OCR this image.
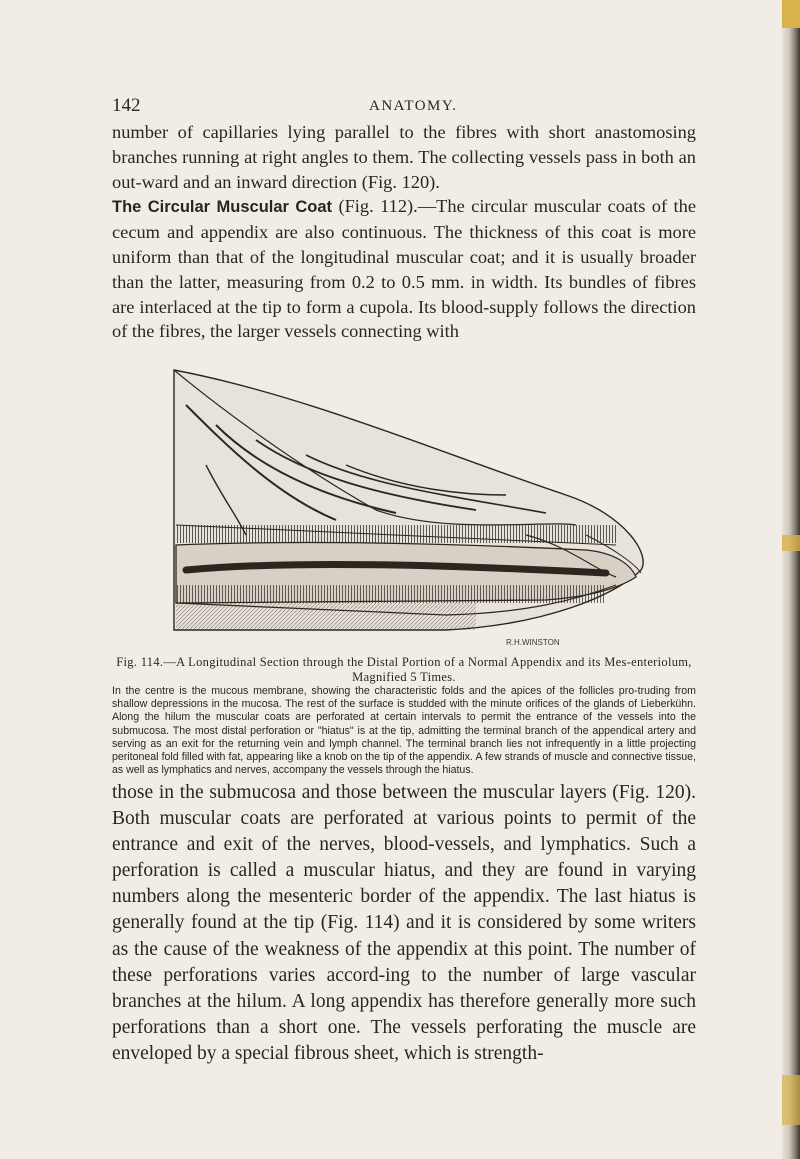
142	ANATOMY.

number of capillaries lying parallel to the fibres with short anastomosing branches running at right angles to them. The collecting vessels pass in both an out-ward and an inward direction (Fig. 120).

The Circular Muscular Coat (Fig. 112).—The circular muscular coats of the cecum and appendix are also continuous. The thickness of this coat is more uniform than that of the longitudinal muscular coat; and it is usually broader than the latter, measuring from 0.2 to 0.5 mm. in width. Its bundles of fibres are interlaced at the tip to form a cupola. Its blood-supply follows the direction of the fibres, the larger vessels connecting with

R.H.WINSTON
Fig. 114.—A Longitudinal Section through the Distal Portion of a Normal Appendix and its Mes-enteriolum, Magnified 5 Times.

In the centre is the mucous membrane, showing the characteristic folds and the apices of the follicles pro-truding from shallow depressions in the mucosa. The rest of the surface is studded with the minute orifices of the glands of Lieberkühn. Along the hilum the muscular coats are perforated at certain intervals to permit the entrance of the vessels into the submucosa. The most distal perforation or "hiatus" is at the tip, admitting the terminal branch of the appendical artery and serving as an exit for the returning vein and lymph channel. The terminal branch lies not infrequently in a little projecting peritoneal fold filled with fat, appearing like a knob on the tip of the appendix. A few strands of muscle and connective tissue, as well as lymphatics and nerves, accompany the vessels through the hiatus.

those in the submucosa and those between the muscular layers (Fig. 120). Both muscular coats are perforated at various points to permit of the entrance and exit of the nerves, blood-vessels, and lymphatics. Such a perforation is called a muscular hiatus, and they are found in varying numbers along the mesenteric border of the appendix. The last hiatus is generally found at the tip (Fig. 114) and it is considered by some writers as the cause of the weakness of the appendix at this point. The number of these perforations varies accord-ing to the number of large vascular branches at the hilum. A long appendix has therefore generally more such perforations than a short one. The vessels perforating the muscle are enveloped by a special fibrous sheet, which is strength-
